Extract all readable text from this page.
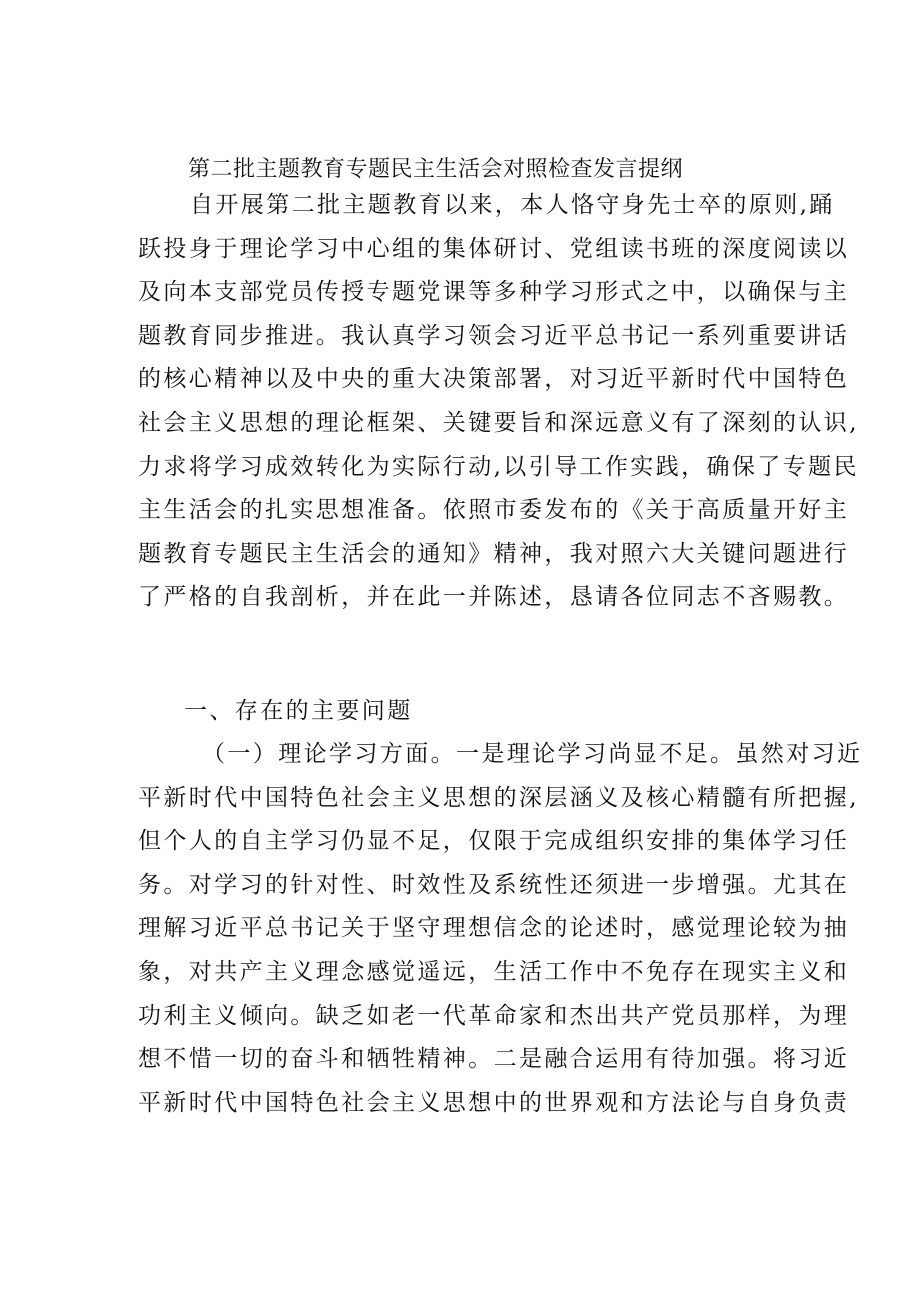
第二批主题教育专题民主生活会对照检查发言提纲
自开展第二批主题教育以来，本人恪守身先士卒的原则,踊
跃投身于理论学习中心组的集体研讨、党组读书班的深度阅读以
及向本支部党员传授专题党课等多种学习形式之中，以确保与主
题教育同步推进。我认真学习领会习近平总书记一系列重要讲话
的核心精神以及中央的重大决策部署，对习近平新时代中国特色
社会主义思想的理论框架、关键要旨和深远意义有了深刻的认识,
力求将学习成效转化为实际行动,以引导工作实践，确保了专题民
主生活会的扎实思想准备。依照市委发布的《关于高质量开好主
题教育专题民主生活会的通知》精神，我对照六大关键问题进行
了严格的自我剖析，并在此一并陈述，恳请各位同志不吝赐教。
一、存在的主要问题
（一）理论学习方面。一是理论学习尚显不足。虽然对习近
平新时代中国特色社会主义思想的深层涵义及核心精髓有所把握,
但个人的自主学习仍显不足，仅限于完成组织安排的集体学习任
务。对学习的针对性、时效性及系统性还须进一步增强。尤其在
理解习近平总书记关于坚守理想信念的论述时，感觉理论较为抽
象，对共产主义理念感觉遥远，生活工作中不免存在现实主义和
功利主义倾向。缺乏如老一代革命家和杰出共产党员那样，为理
想不惜一切的奋斗和牺牲精神。二是融合运用有待加强。将习近
平新时代中国特色社会主义思想中的世界观和方法论与自身负责
